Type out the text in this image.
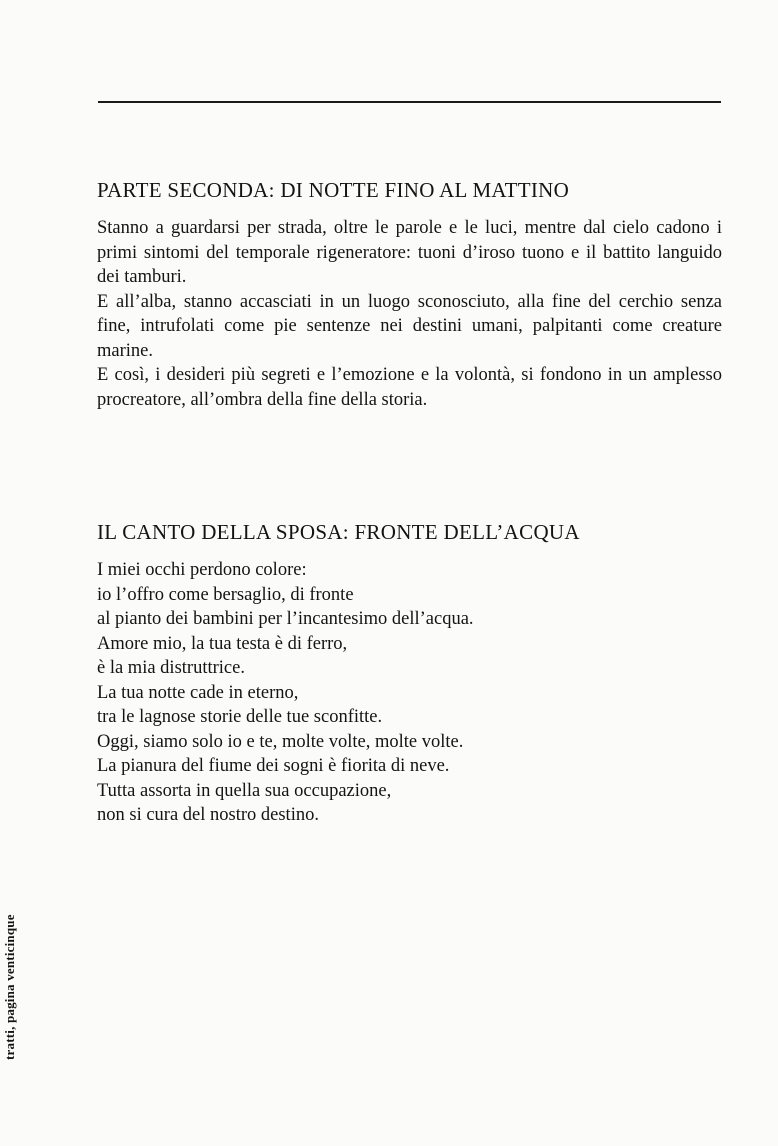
PARTE SECONDA: DI NOTTE FINO AL MATTINO

Stanno a guardarsi per strada, oltre le parole e le luci, mentre dal cielo cadono i primi sintomi del temporale rigeneratore: tuoni d’iroso tuono e il battito languido dei tamburi.

E all’alba, stanno accasciati in un luogo sconosciuto, alla fine del cerchio senza fine, intrufolati come pie sentenze nei destini umani, palpitanti come creature marine.

E così, i desideri più segreti e l’emozione e la volontà, si fondono in un amplesso procreatore, all’ombra della fine della storia.

IL CANTO DELLA SPOSA: FRONTE DELL’ACQUA
I miei occhi perdono colore:
io l’offro come bersaglio, di fronte
al pianto dei bambini per l’incantesimo dell’acqua.
Amore mio, la tua testa è di ferro,
è la mia distruttrice.
La tua notte cade in eterno,
tra le lagnose storie delle tue sconfitte.
Oggi, siamo solo io e te, molte volte, molte volte.
La pianura del fiume dei sogni è fiorita di neve.
Tutta assorta in quella sua occupazione,
non si cura del nostro destino.
tratti, pagina venticinque
